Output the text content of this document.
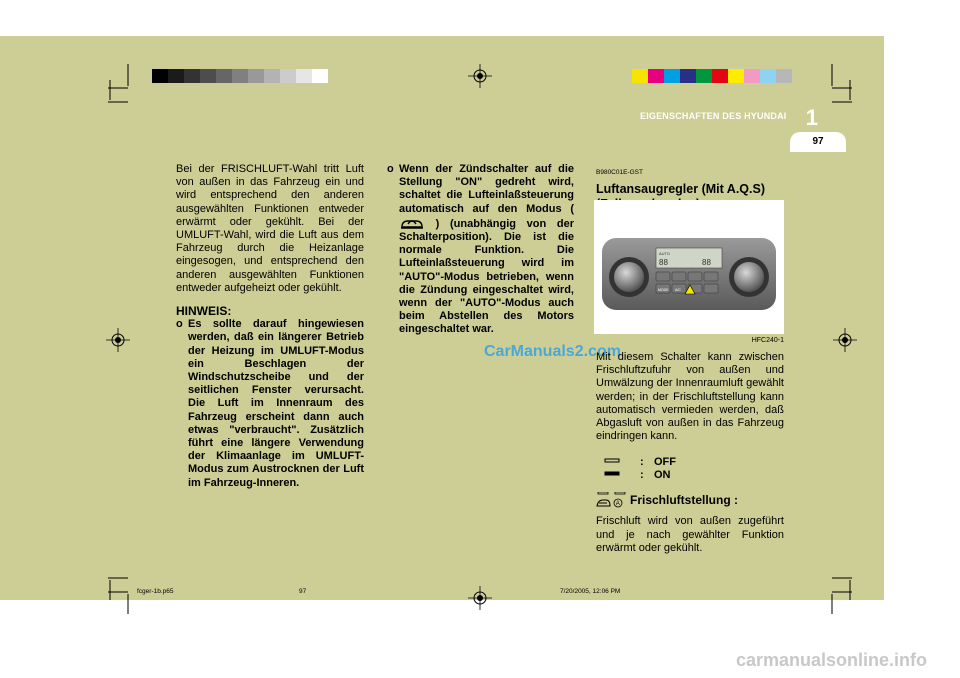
EIGENSCHAFTEN DES HYUNDAI 1
97

Bei der FRISCHLUFT-Wahl tritt Luft von außen in das Fahrzeug ein und wird entsprechend den anderen ausgewählten Funktionen entweder erwärmt oder gekühlt. Bei der UMLUFT-Wahl, wird die Luft aus dem Fahrzeug durch die Heizanlage eingesogen, und entsprechend den anderen ausgewählten Funktionen entweder aufgeheizt oder gekühlt.

HINWEIS:

o Es sollte darauf hingewiesen werden, daß ein längerer Betrieb der Heizung im UMLUFT-Modus ein Beschlagen der Windschutzscheibe und der seitlichen Fenster verursacht. Die Luft im Innenraum des Fahrzeug erscheint dann auch etwas "verbraucht". Zusätzlich führt eine längere Verwendung der Klimaanlage im UMLUFT-Modus zum Austrocknen der Luft im Fahrzeug-Inneren.
o Wenn der Zündschalter auf die Stellung "ON" gedreht wird, schaltet die Lufteinlaßsteuerung automatisch auf den Modus (  ) (unabhängig von der Schalterposition). Die ist die normale Funktion. Die Lufteinlaßsteuerung wird im "AUTO"-Modus betrieben, wenn die Zündung eingeschaltet wird, wenn der "AUTO"-Modus auch beim Abstellen des Motors eingeschaltet war.
B980C01E-GST
Luftansaugregler (Mit A.Q.S)
AUTO
88	88
MODE A/C
HFC240-1
CarManuals2.com

Mit diesem Schalter kann zwischen Frischluftzufuhr von außen und Umwälzung der Innenraumluft gewählt werden; in der Frischluftstellung kann automatisch vermieden werden, daß Abgasluft von außen in das Fahrzeug eindringen kann.

: OFF
: ON
A Frischluftstellung :

Frischluft wird von außen zugeführt und je nach gewählter Funktion erwärmt oder gekühlt.

fcger-1b.p65	97	7/20/2005, 12:06 PM
carmanualsonline.info
